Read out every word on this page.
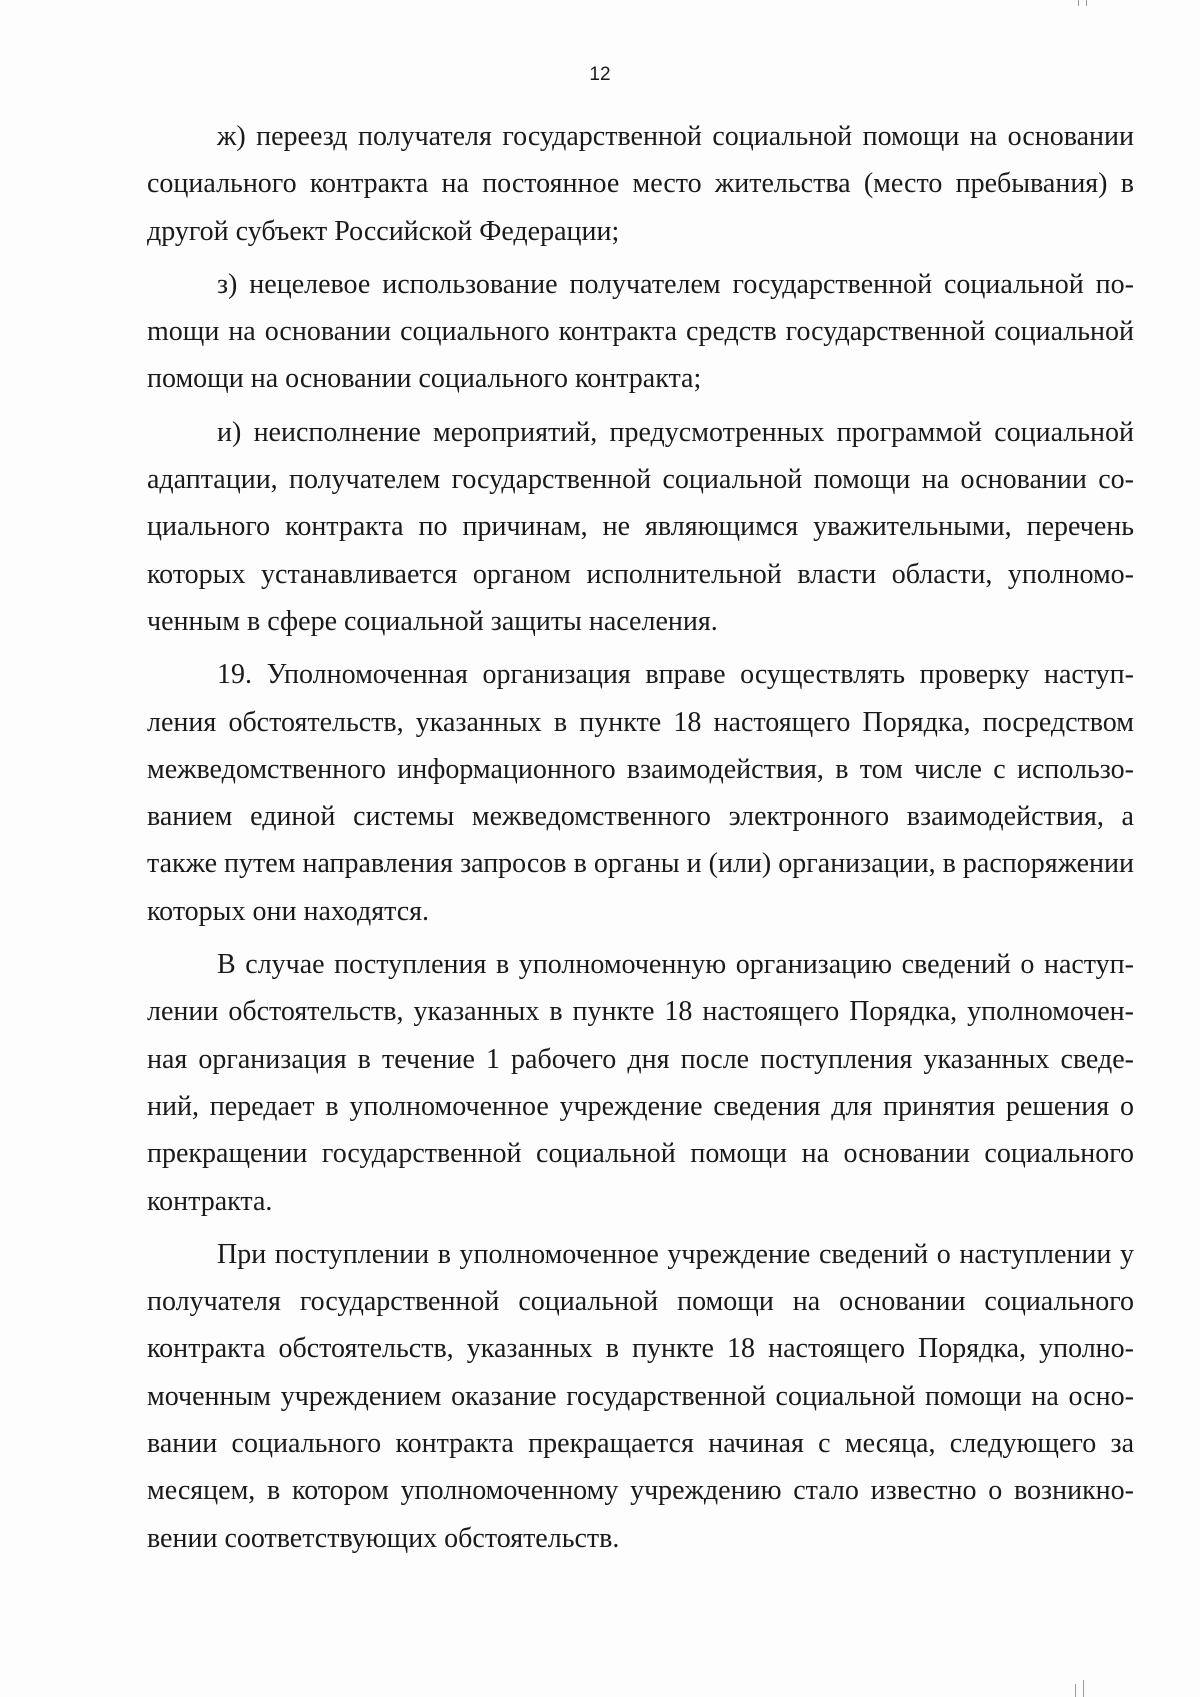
12

ж) переезд получателя государственной социальной помощи на основании социального контракта на постоянное место жительства (место пребывания) в другой субъект Российской Федерации;

з) нецелевое использование получателем государственной социальной поmощи на основании социального контракта средств государственной социальной помощи на основании социального контракта;

и) неисполнение мероприятий, предусмотренных программой социальной адаптации, получателем государственной социальной помощи на основании социального контракта по причинам, не являющимся уважительными, перечень которых устанавливается органом исполнительной власти области, уполномоченным в сфере социальной защиты населения.

19. Уполномоченная организация вправе осуществлять проверку наступления обстоятельств, указанных в пункте 18 настоящего Порядка, посредством межведомственного информационного взаимодействия, в том числе с использованием единой системы межведомственного электронного взаимодействия, а также путем направления запросов в органы и (или) организации, в распоряжении которых они находятся.

В случае поступления в уполномоченную организацию сведений о наступлении обстоятельств, указанных в пункте 18 настоящего Порядка, уполномоченная организация в течение 1 рабочего дня после поступления указанных сведений, передает в уполномоченное учреждение сведения для принятия решения о прекращении государственной социальной помощи на основании социального контракта.

При поступлении в уполномоченное учреждение сведений о наступлении у получателя государственной социальной помощи на основании социального контракта обстоятельств, указанных в пункте 18 настоящего Порядка, уполномоченным учреждением оказание государственной социальной помощи на основании социального контракта прекращается начиная с месяца, следующего за месяцем, в котором уполномоченному учреждению стало известно о возникновении соответствующих обстоятельств.
